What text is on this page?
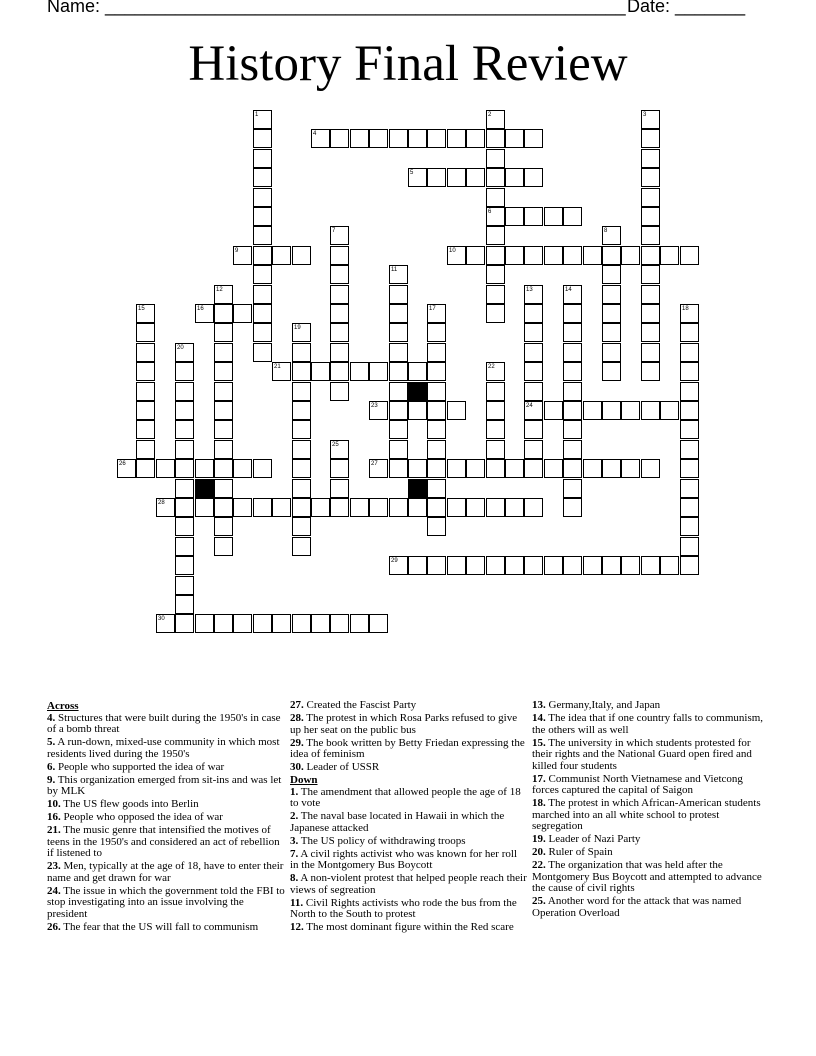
Name: ____________________________________________________ Date: _______
History Final Review
1	2	3
4
5
6
7	8
9	10
11
12	13	14
15	16	17	18
19
20
21	22
23	24
25
26	27
28
29
30
Across
4. Structures that were built during the 1950's in case of a bomb threat
5. A run-down, mixed-use community in which most residents lived during the 1950's
6. People who supported the idea of war
9. This organization emerged from sit-ins and was let by MLK
10. The US flew goods into Berlin
16. People who opposed the idea of war
21. The music genre that intensified the motives of teens in the 1950's and considered an act of rebellion if listened to
23. Men, typically at the age of 18, have to enter their name and get drawn for war
24. The issue in which the government told the FBI to stop investigating into an issue involving the president
26. The fear that the US will fall to communism
27. Created the Fascist Party
28. The protest in which Rosa Parks refused to give up her seat on the public bus
29. The book written by Betty Friedan expressing the idea of feminism
30. Leader of USSR
Down
1. The amendment that allowed people the age of 18 to vote
2. The naval base located in Hawaii in which the Japanese attacked
3. The US policy of withdrawing troops
7. A civil rights activist who was known for her roll in the Montgomery Bus Boycott
8. A non-violent protest that helped people reach their views of segreation
11. Civil Rights activists who rode the bus from the North to the South to protest
12. The most dominant figure within the Red scare
13. Germany,Italy, and Japan
14. The idea that if one country falls to communism, the others will as well
15. The university in which students protested for their rights and the National Guard open fired and killed four students
17. Communist North Vietnamese and Vietcong forces captured the capital of Saigon
18. The protest in which African-American students marched into an all white school to protest segregation
19. Leader of Nazi Party
20. Ruler of Spain
22. The organization that was held after the Montgomery Bus Boycott and attempted to advance the cause of civil rights
25. Another word for the attack that was named Operation Overload
